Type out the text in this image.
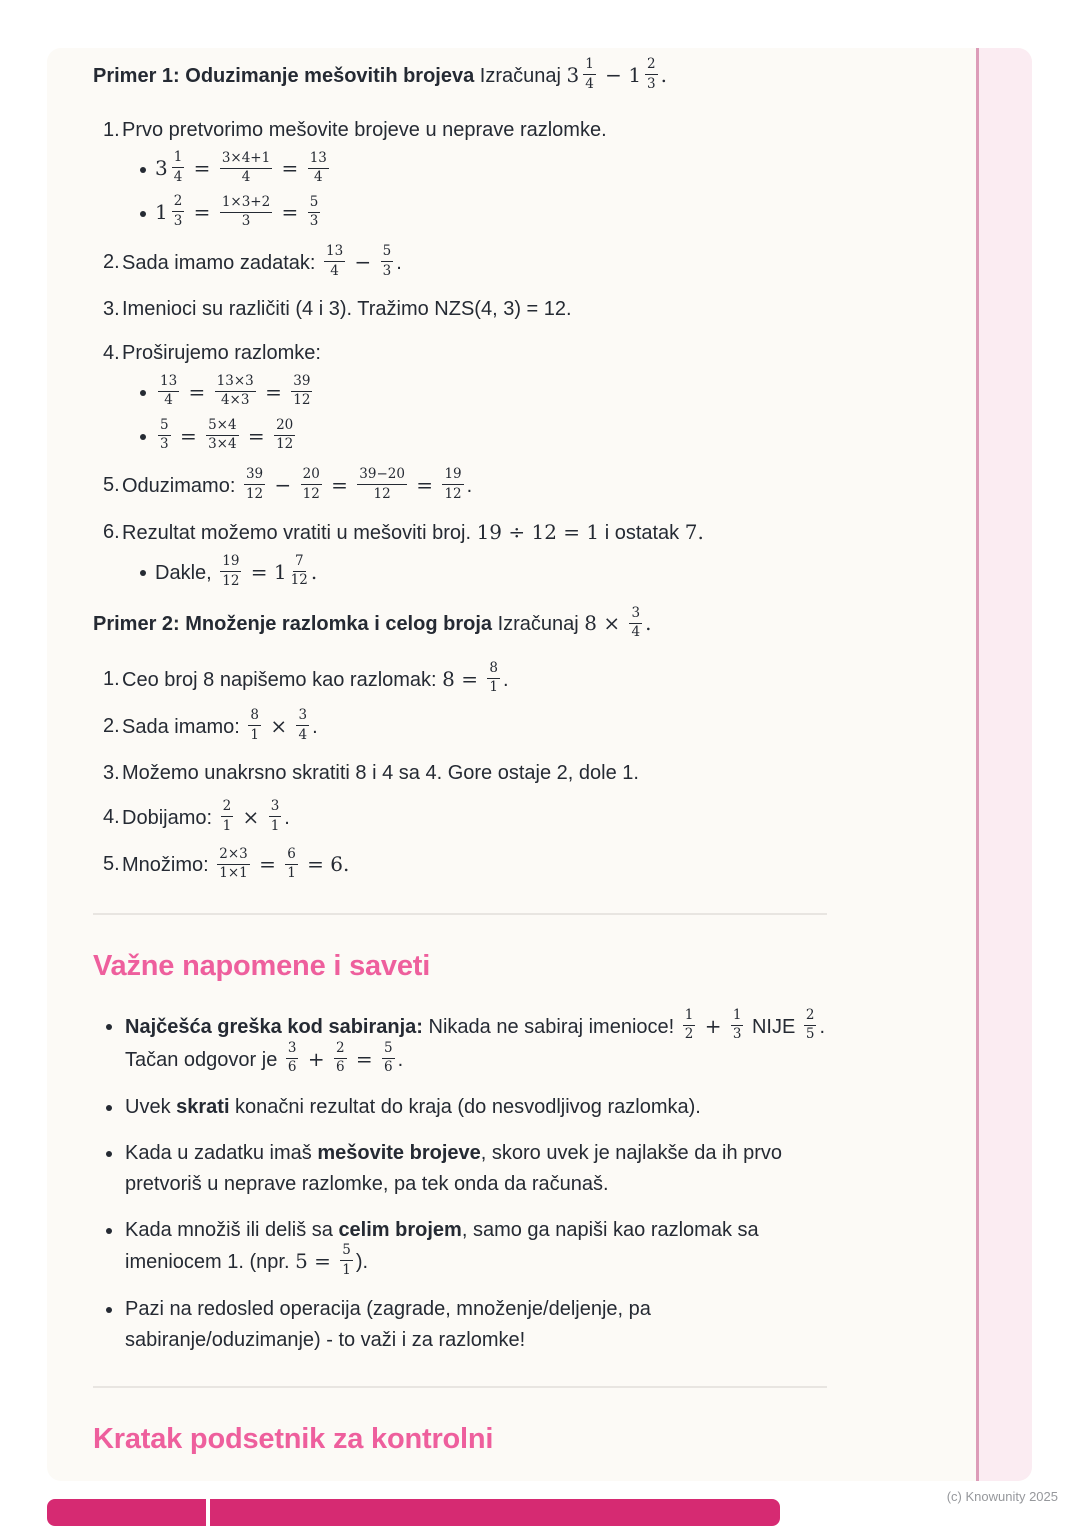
Primer 1: Oduzimanje mešovitih brojeva Izračunaj $3 \frac{1}{4} - 1 \frac{2}{3}$ .

1. Prvo pretvorimo mešovite brojeve u neprave razlomke.
$3 \frac{1}{4} = \frac{3\times 4+1}{4} = \frac{13}{4}$
$1 \frac{2}{3} = \frac{1\times 3+2}{3} = \frac{5}{3}$
2. Sada imamo zadatak: $\frac{13}{4} - \frac{5}{3}$ .
3. Imenioci su različiti (4 i 3). Tražimo NZS(4, 3) = 12.
4. Proširujemo razlomke:
$\frac{13}{4} = \frac{13\times 3}{4\times 3} = \frac{39}{12}$
$\frac{5}{3} = \frac{5\times 4}{3\times 4} = \frac{20}{12}$
5. Oduzimamo: $\frac{39}{12} - \frac{20}{12} = \frac{39-20}{12} = \frac{19}{12}$ .
6. Rezultat možemo vratiti u mešoviti broj. 19 ÷ 12 = 1 i ostatak 7.
Dakle, $\frac{19}{12} = 1 \frac{7}{12}$ .

Primer 2: Množenje razlomka i celog broja Izračunaj $8 \times \frac{3}{4}$ .

1. Ceo broj 8 napišemo kao razlomak: $8 = \frac{8}{1}$ .
2. Sada imamo: $\frac{8}{1} \times \frac{3}{4}$ .
3. Možemo unakrsno skratiti 8 i 4 sa 4. Gore ostaje 2, dole 1.
4. Dobijamo: $\frac{2}{1} \times \frac{3}{1}$ .
5. Množimo: $\frac{2\times 3}{1\times 1} = \frac{6}{1} = 6$.
Važne napomene i saveti
Najčešća greška kod sabiranja: Nikada ne sabiraj imenioce! $\frac{1}{2} + \frac{1}{3}$ NIJE $\frac{2}{5}$ . Tačan odgovor je $\frac{3}{6} + \frac{2}{6} = \frac{5}{6}$ .
Uvek skrati konačni rezultat do kraja (do nesvodljivog razlomka).
Kada u zadatku imaš mešovite brojeve, skoro uvek je najlakše da ih prvo pretvoriš u neprave razlomke, pa tek onda da računaš.
Kada množiš ili deliš sa celim brojem, samo ga napiši kao razlomak sa imeniocem 1. (npr. $5 = \frac{5}{1}$ ).
Pazi na redosled operacija (zagrade, množenje/deljenje, pa sabiranje/oduzimanje) - to važi i za razlomke!
Kratak podsetnik za kontrolni
(c) Knowunity 2025
